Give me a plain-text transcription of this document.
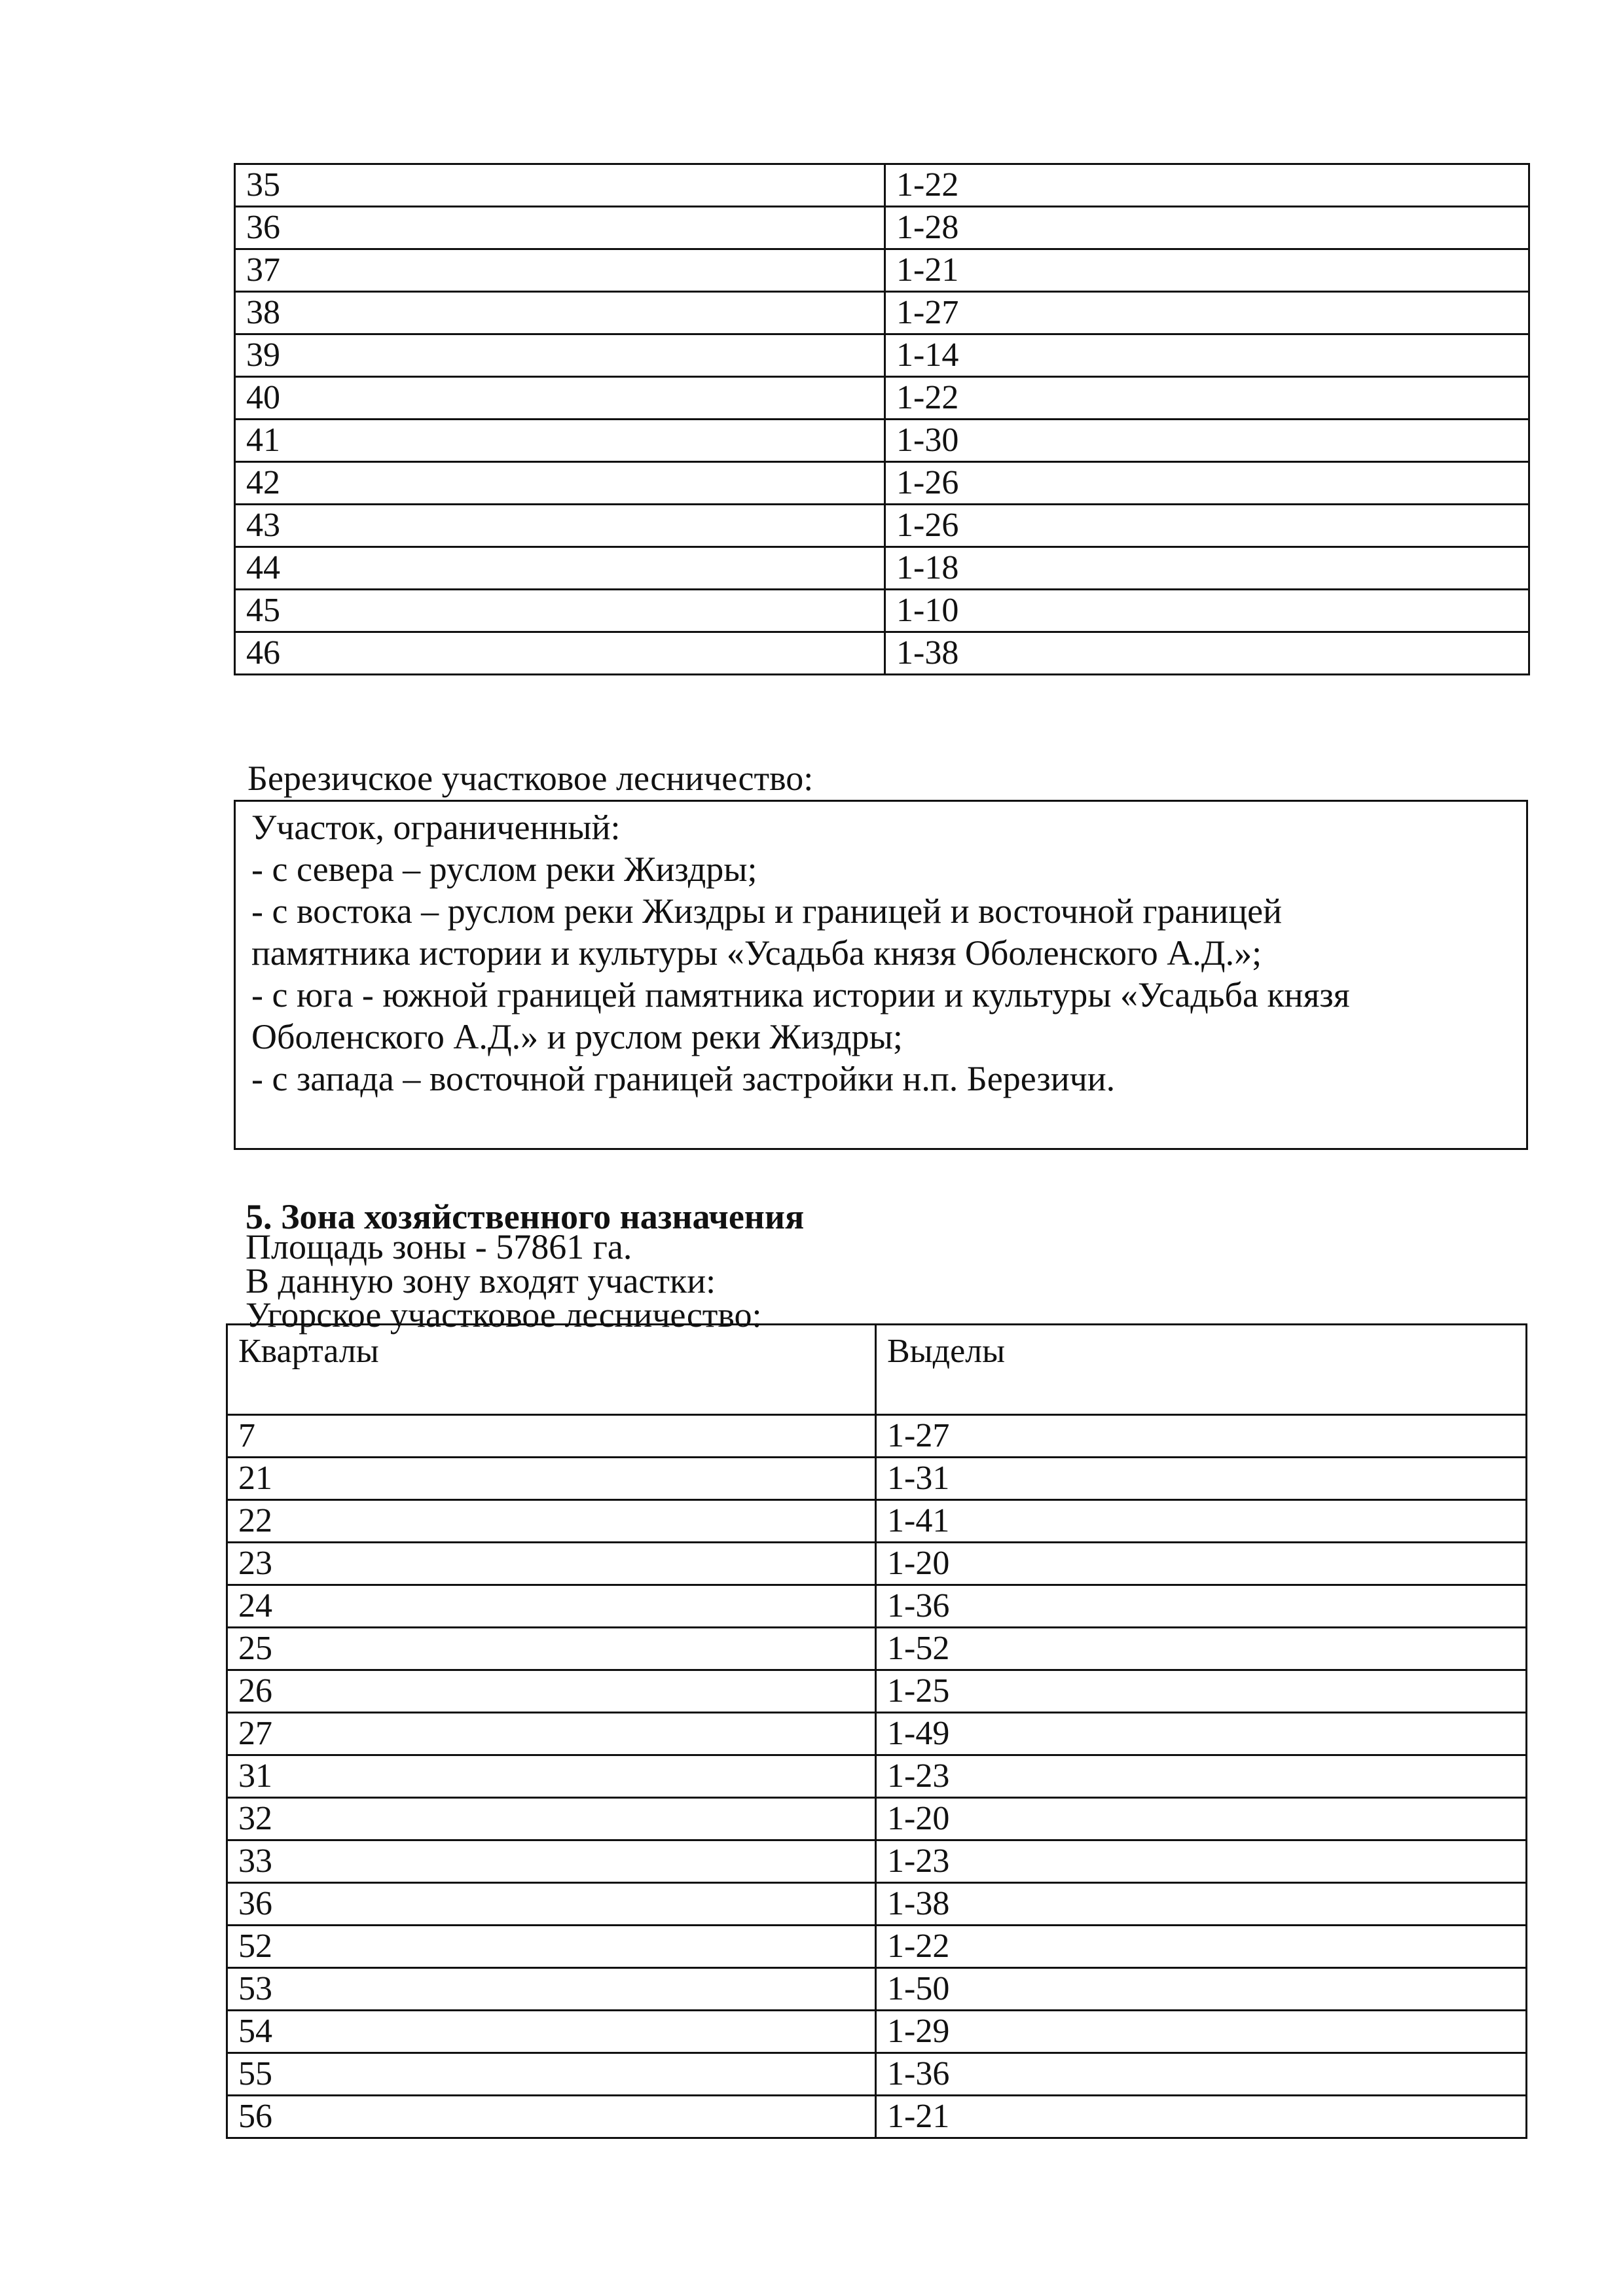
35	1-22
36	1-28
37	1-21
38	1-27
39	1-14
40	1-22
41	1-30
42	1-26
43	1-26
44	1-18
45	1-10
46	1-38
Березичское участковое лесничество:
Участок, ограниченный:
- с севера – руслом реки Жиздры;
- с востока – руслом реки Жиздры и границей и восточной границей
памятника истории и культуры «Усадьба князя Оболенского А.Д.»;
- с юга - южной границей памятника истории и культуры «Усадьба князя
Оболенского А.Д.» и руслом реки Жиздры;
- с запада – восточной границей застройки н.п. Березичи.
5. Зона хозяйственного назначения
Площадь зоны - 57861 га.
В данную зону входят участки:
Угорское участковое лесничество:
Кварталы	Выделы
7	1-27
21	1-31
22	1-41
23	1-20
24	1-36
25	1-52
26	1-25
27	1-49
31	1-23
32	1-20
33	1-23
36	1-38
52	1-22
53	1-50
54	1-29
55	1-36
56	1-21
